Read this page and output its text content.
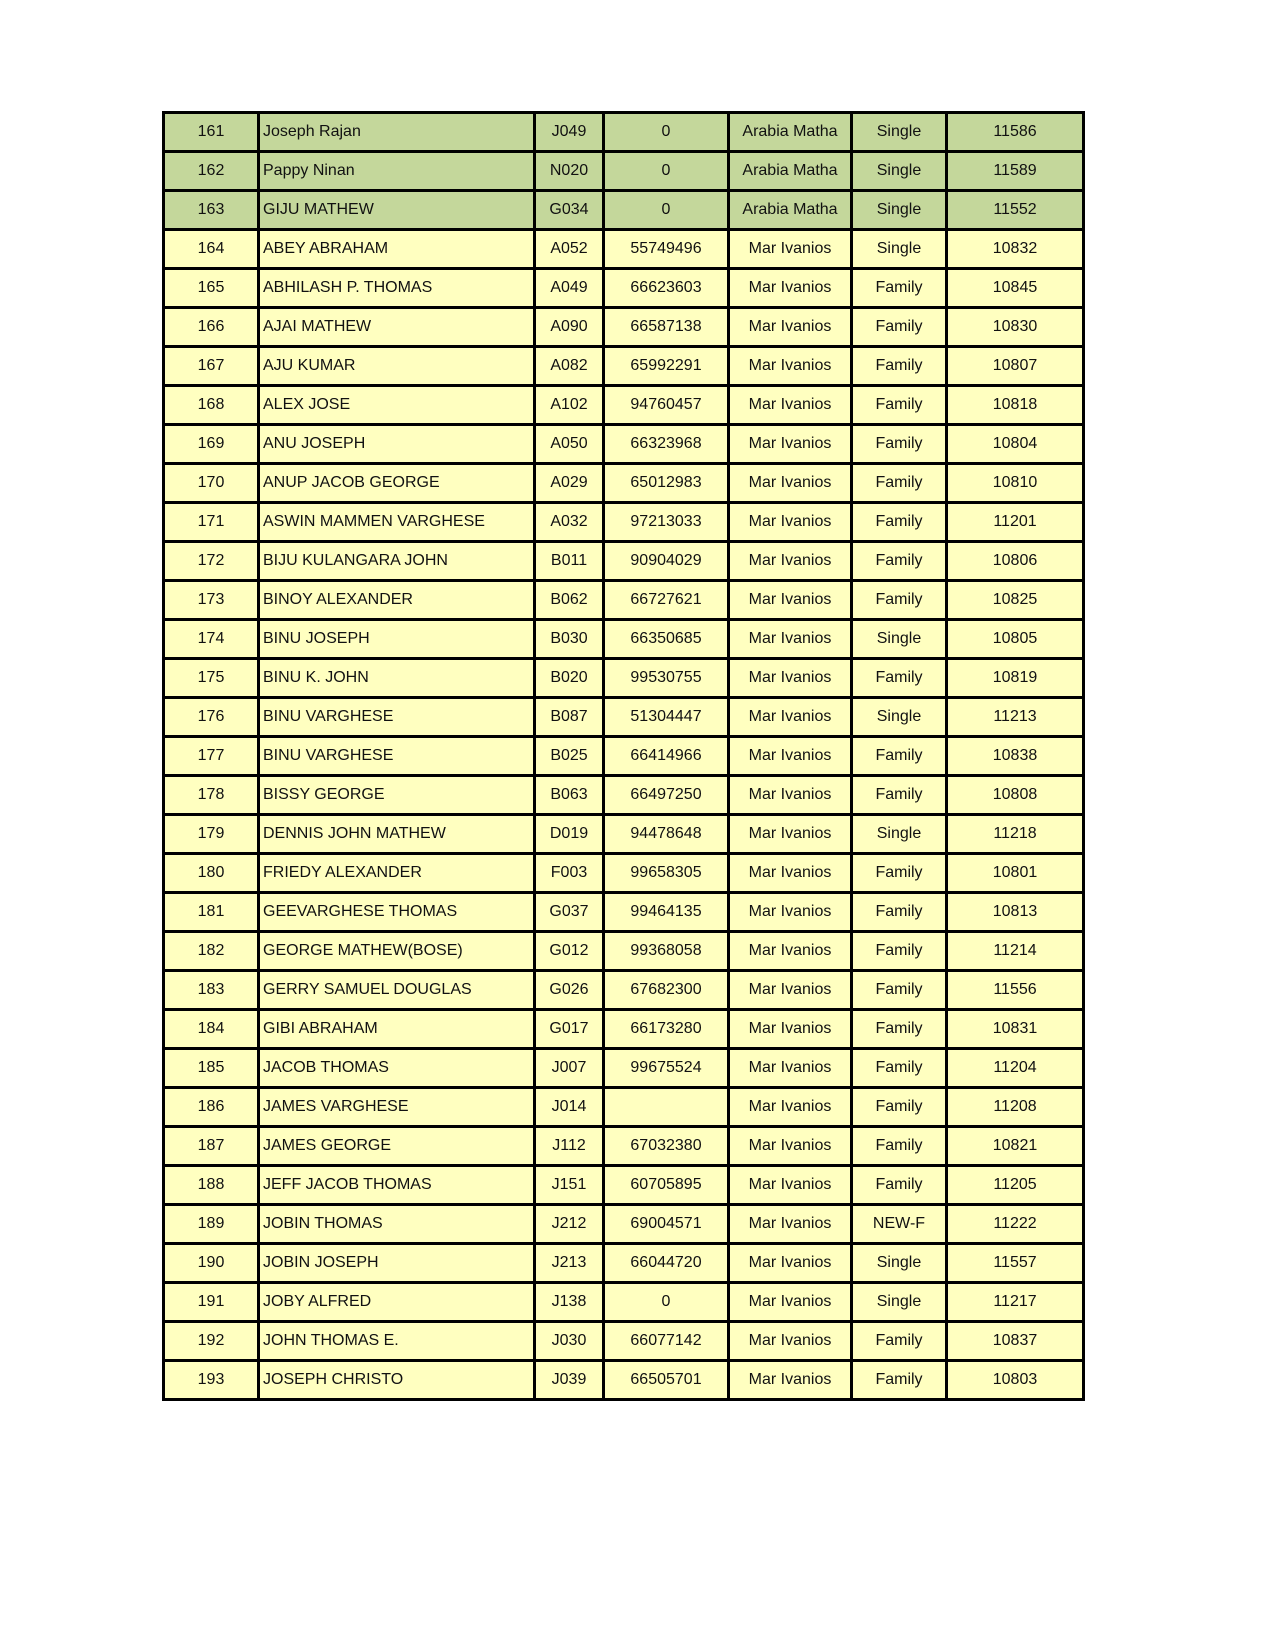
161	Joseph Rajan	J049	0	Arabia Matha	Single	11586
162	Pappy Ninan	N020	0	Arabia Matha	Single	11589
163	GIJU MATHEW	G034	0	Arabia Matha	Single	11552
164	ABEY ABRAHAM	A052	55749496	Mar Ivanios	Single	10832
165	ABHILASH P. THOMAS	A049	66623603	Mar Ivanios	Family	10845
166	AJAI MATHEW	A090	66587138	Mar Ivanios	Family	10830
167	AJU KUMAR	A082	65992291	Mar Ivanios	Family	10807
168	ALEX JOSE	A102	94760457	Mar Ivanios	Family	10818
169	ANU JOSEPH	A050	66323968	Mar Ivanios	Family	10804
170	ANUP JACOB GEORGE	A029	65012983	Mar Ivanios	Family	10810
171	ASWIN MAMMEN VARGHESE	A032	97213033	Mar Ivanios	Family	11201
172	BIJU KULANGARA JOHN	B011	90904029	Mar Ivanios	Family	10806
173	BINOY ALEXANDER	B062	66727621	Mar Ivanios	Family	10825
174	BINU JOSEPH	B030	66350685	Mar Ivanios	Single	10805
175	BINU K. JOHN	B020	99530755	Mar Ivanios	Family	10819
176	BINU VARGHESE	B087	51304447	Mar Ivanios	Single	11213
177	BINU VARGHESE	B025	66414966	Mar Ivanios	Family	10838
178	BISSY GEORGE	B063	66497250	Mar Ivanios	Family	10808
179	DENNIS JOHN MATHEW	D019	94478648	Mar Ivanios	Single	11218
180	FRIEDY ALEXANDER	F003	99658305	Mar Ivanios	Family	10801
181	GEEVARGHESE THOMAS	G037	99464135	Mar Ivanios	Family	10813
182	GEORGE MATHEW(BOSE)	G012	99368058	Mar Ivanios	Family	11214
183	GERRY SAMUEL DOUGLAS	G026	67682300	Mar Ivanios	Family	11556
184	GIBI ABRAHAM	G017	66173280	Mar Ivanios	Family	10831
185	JACOB THOMAS	J007	99675524	Mar Ivanios	Family	11204
186	JAMES VARGHESE	J014		Mar Ivanios	Family	11208
187	JAMES GEORGE	J112	67032380	Mar Ivanios	Family	10821
188	JEFF JACOB THOMAS	J151	60705895	Mar Ivanios	Family	11205
189	JOBIN THOMAS	J212	69004571	Mar Ivanios	NEW-F	11222
190	JOBIN JOSEPH	J213	66044720	Mar Ivanios	Single	11557
191	JOBY ALFRED	J138	0	Mar Ivanios	Single	11217
192	JOHN THOMAS E.	J030	66077142	Mar Ivanios	Family	10837
193	JOSEPH CHRISTO	J039	66505701	Mar Ivanios	Family	10803
